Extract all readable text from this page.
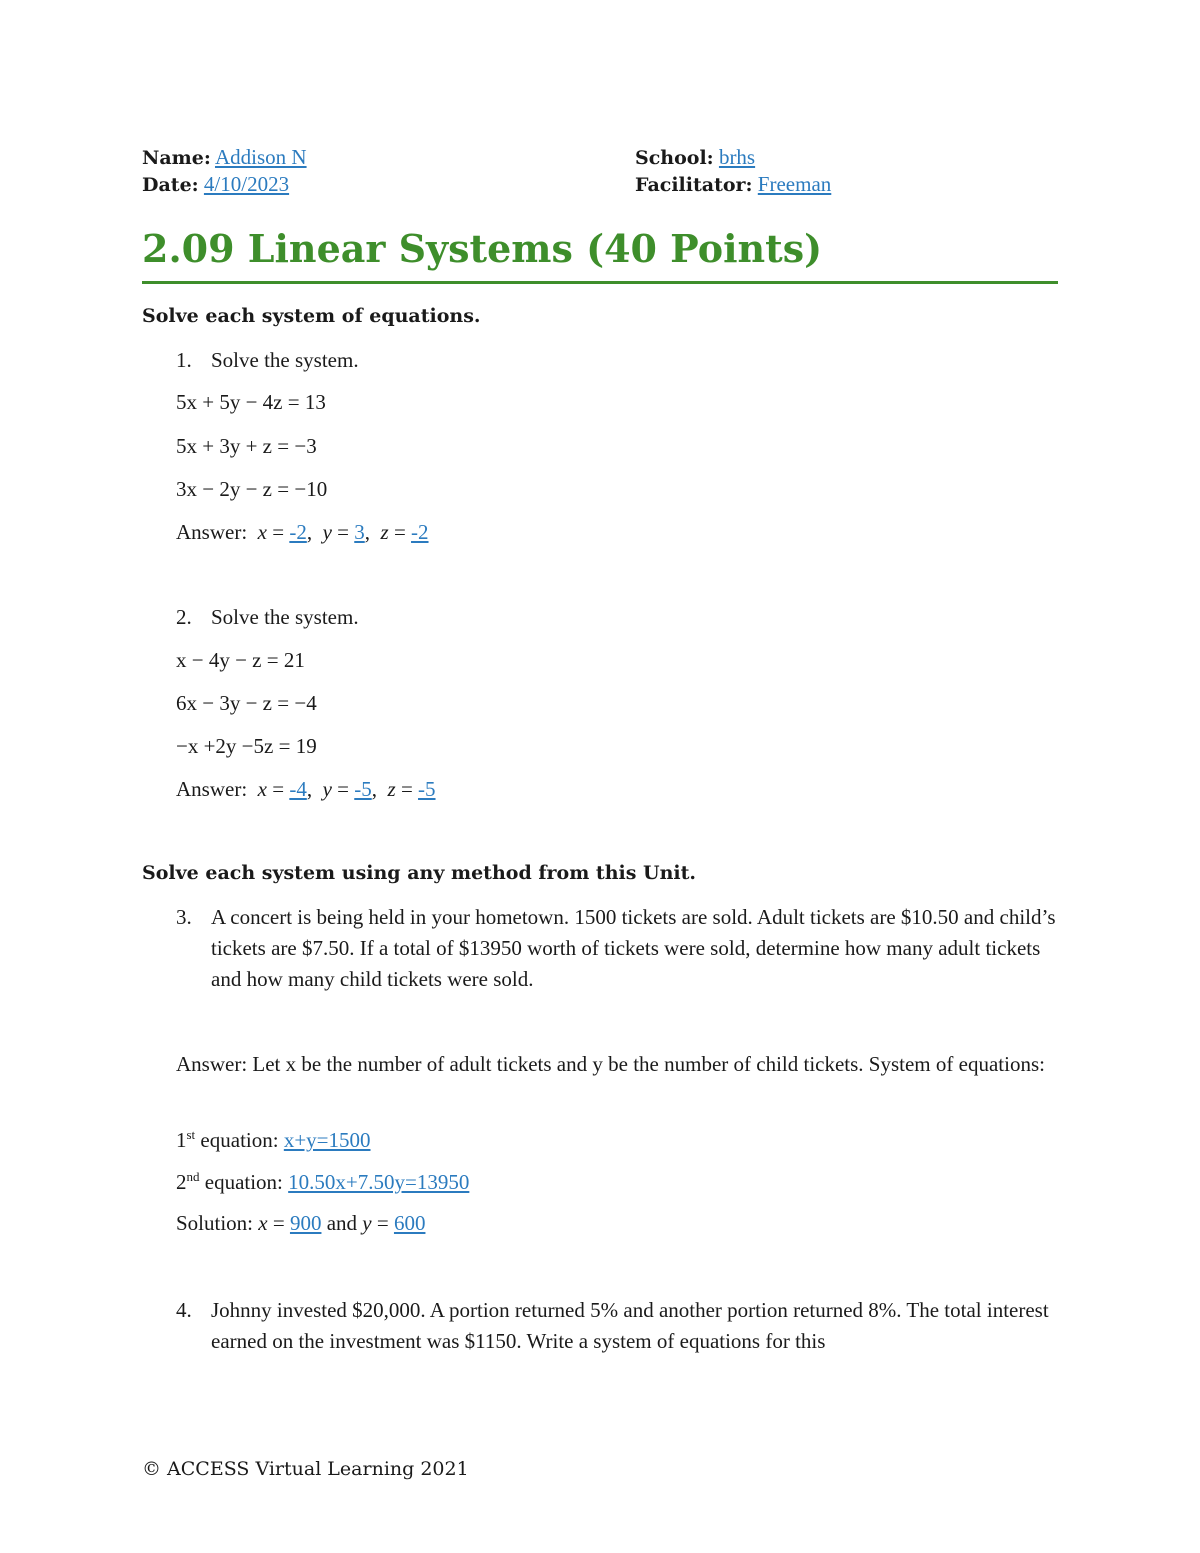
Name: Addison N
Date: 4/10/2023
School: brhs
Facilitator: Freeman
2.09 Linear Systems (40 Points)
Solve each system of equations.
1. Solve the system.
5x + 5y − 4z = 13
5x + 3y + z = −3
3x − 2y − z = −10
Answer: x = -2,  y = 3,  z = -2
2. Solve the system.
x − 4y − z = 21
6x − 3y − z = −4
−x +2y −5z = 19
Answer: x = -4,  y = -5,  z = -5
Solve each system using any method from this Unit.
3. A concert is being held in your hometown. 1500 tickets are sold. Adult tickets are $10.50 and child’s tickets are $7.50. If a total of $13950 worth of tickets were sold, determine how many adult tickets and how many child tickets were sold.
Answer: Let x be the number of adult tickets and y be the number of child tickets. System of equations:
1st equation: x+y=1500
2nd equation: 10.50x+7.50y=13950
Solution: x = 900 and y = 600
4. Johnny invested $20,000. A portion returned 5% and another portion returned 8%. The total interest earned on the investment was $1150. Write a system of equations for this
© ACCESS Virtual Learning 2021
